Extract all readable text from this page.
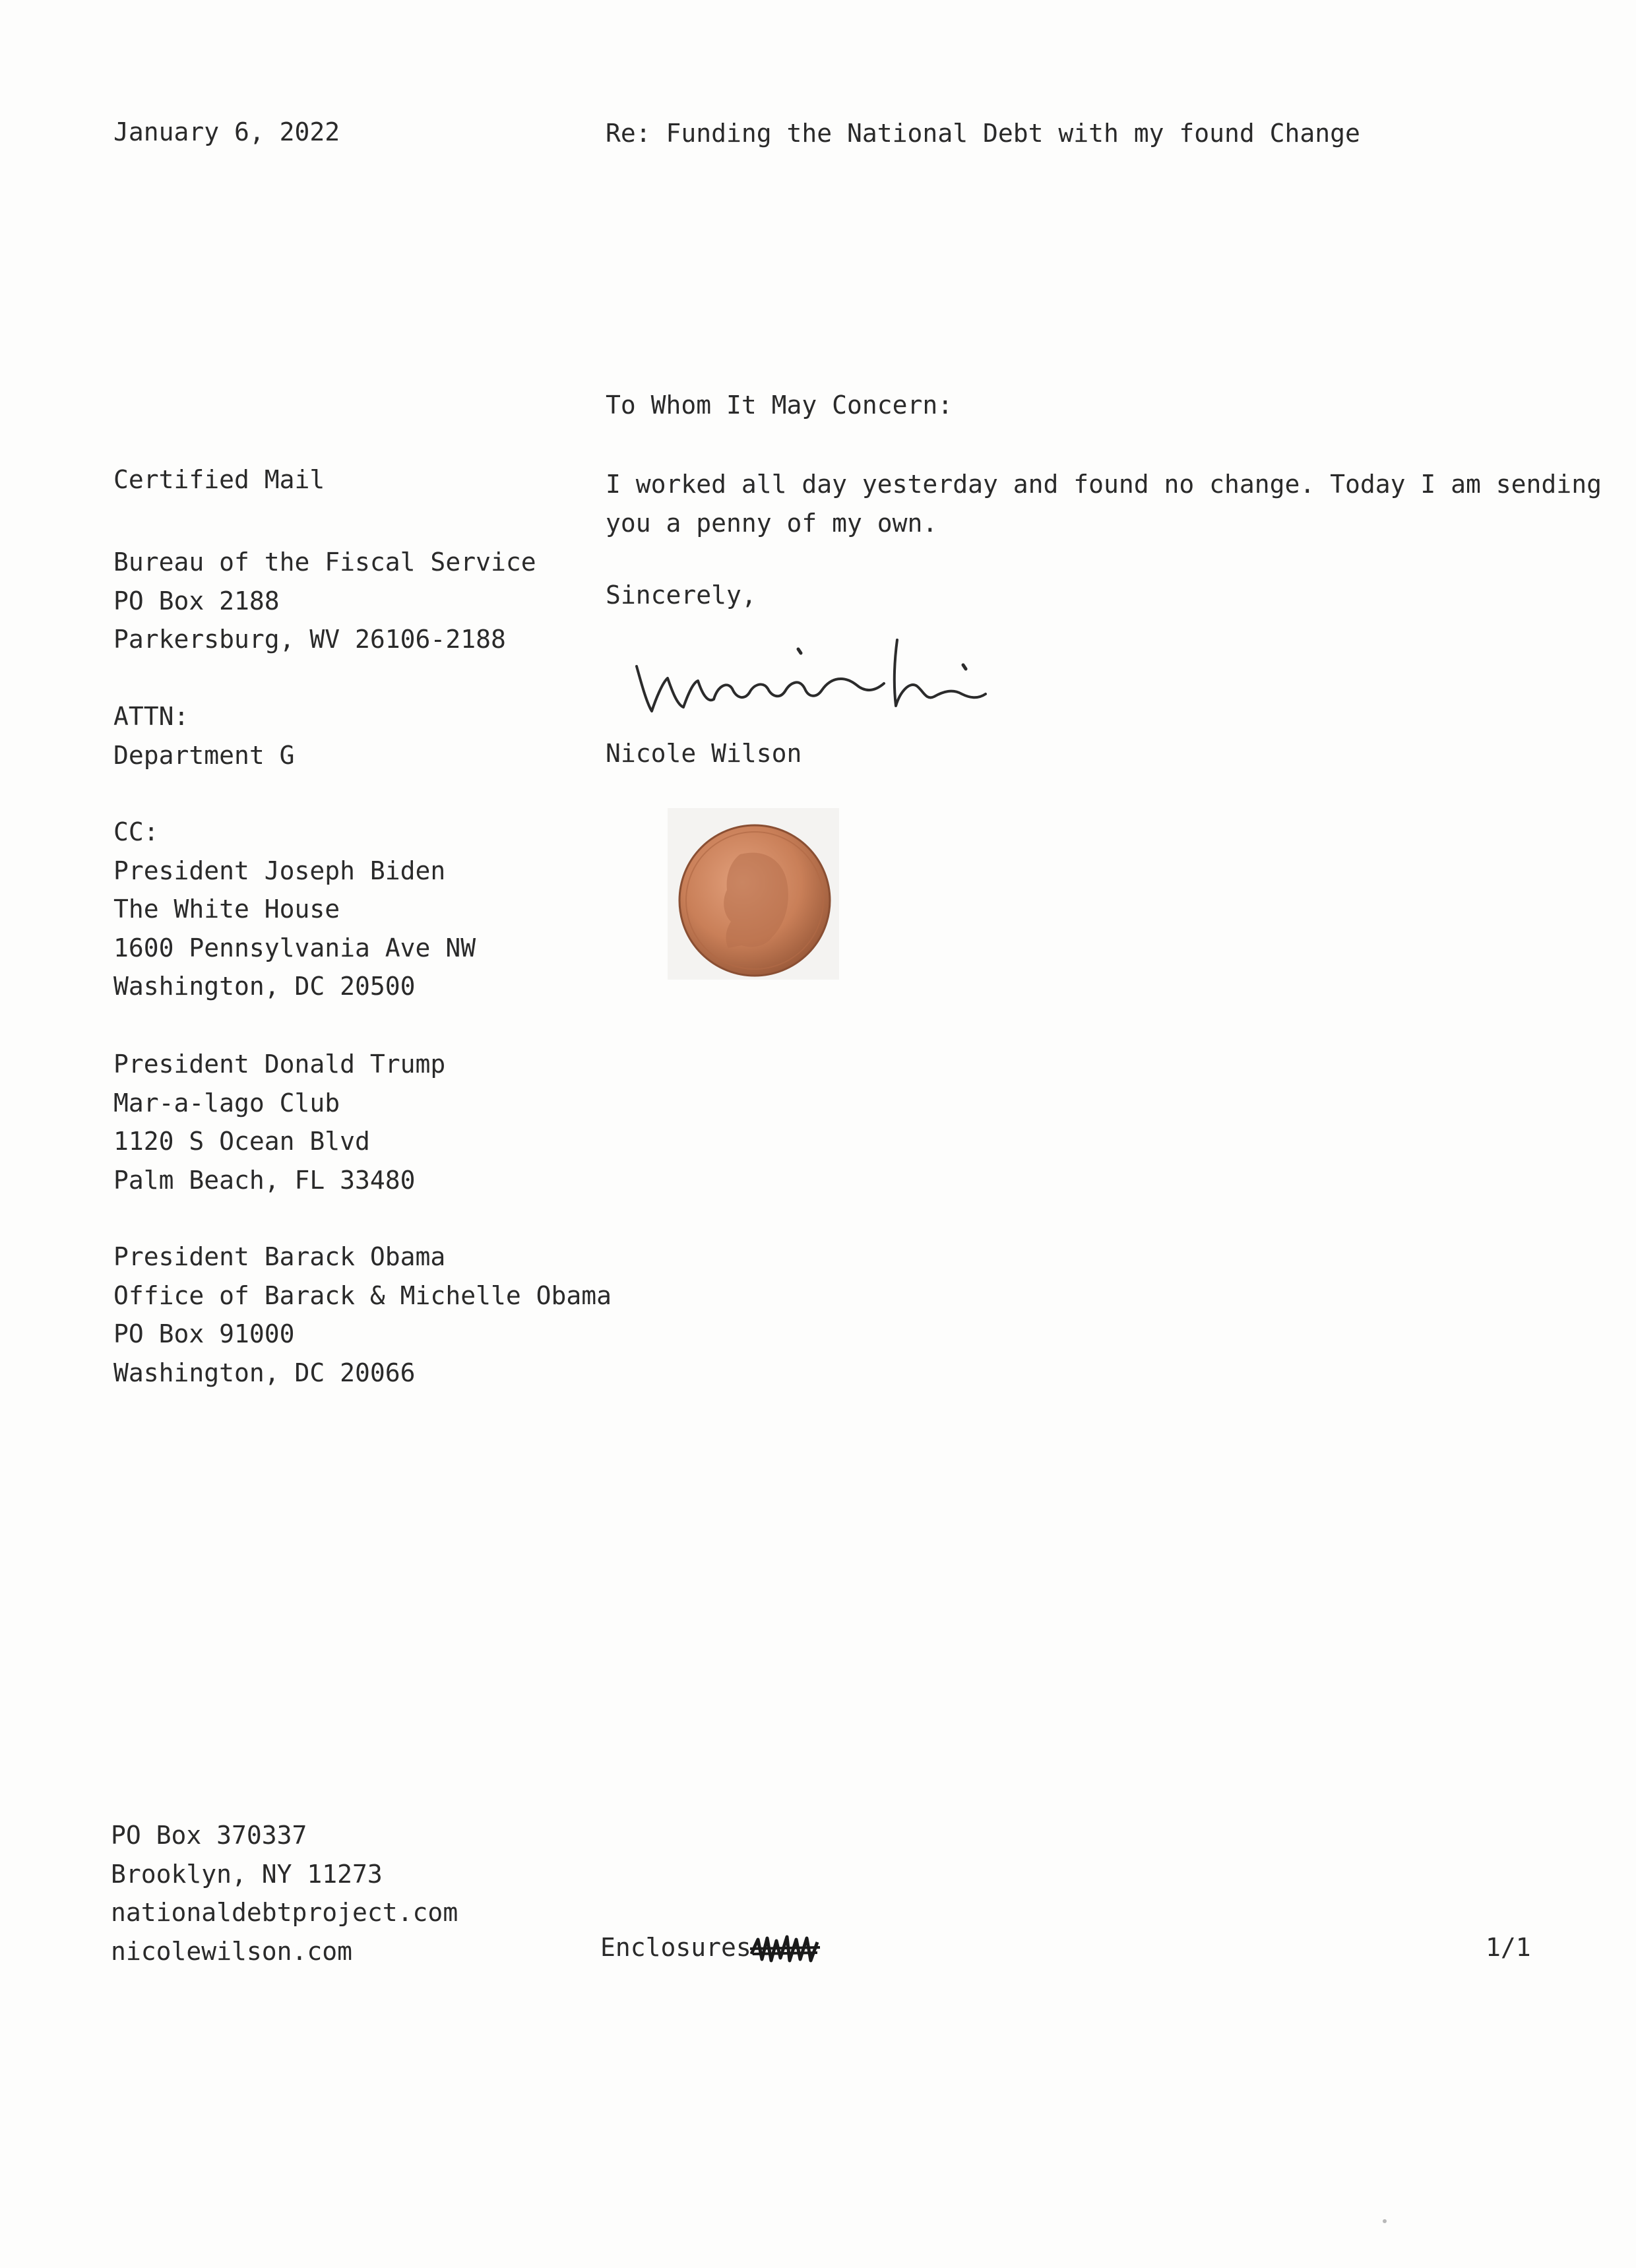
January 6, 2022	Re: Funding the National Debt with my found Change
To Whom It May Concern:
I worked all day yesterday and found no change. Today I am sending
you a penny of my own.
Sincerely,
Nicole Wilson
Certified Mail
Bureau of the Fiscal Service
PO Box 2188
Parkersburg, WV 26106-2188
ATTN:
Department G
CC:
President Joseph Biden
The White House
1600 Pennsylvania Ave NW
Washington, DC 20500
President Donald Trump
Mar-a-lago Club
1120 S Ocean Blvd
Palm Beach, FL 33480
President Barack Obama
Office of Barack & Michelle Obama
PO Box 91000
Washington, DC 20066
PO Box 370337
Brooklyn, NY 11273
nationaldebtproject.com
nicolewilson.com	Enclosures	1/1
